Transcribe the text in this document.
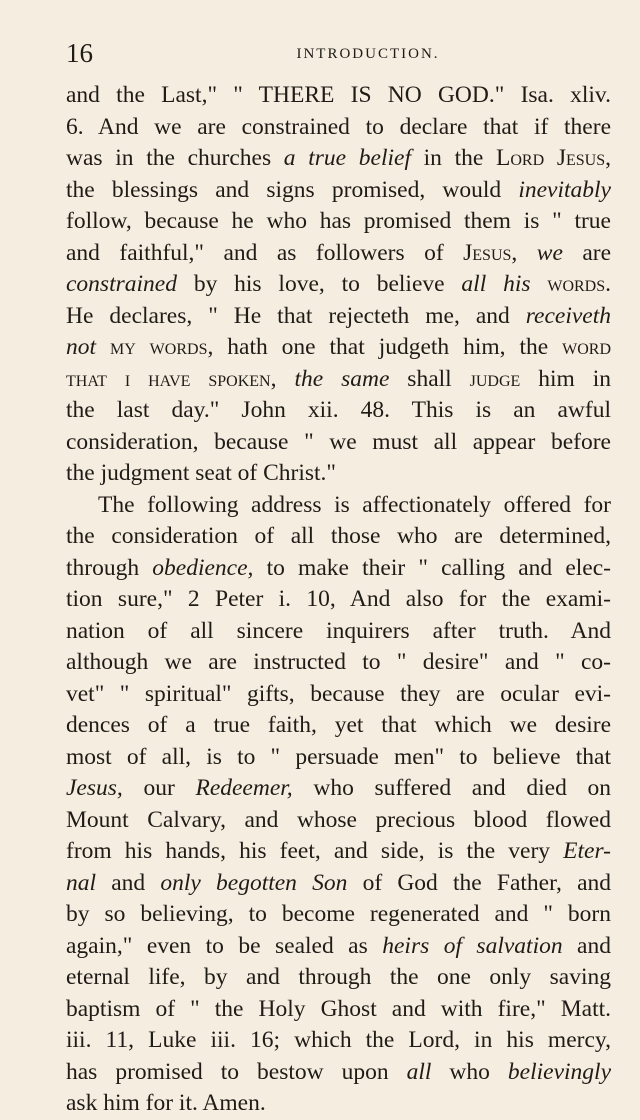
16	INTRODUCTION.
and the Last," " THERE IS NO GOD." Isa. xliv.
6. And we are constrained to declare that if there
was in the churches a true belief in the Lord Jesus,
the blessings and signs promised, would inevitably
follow, because he who has promised them is " true
and faithful," and as followers of Jesus, we are
constrained by his love, to believe all his words.
He declares, " He that rejecteth me, and receiveth
not my words, hath one that judgeth him, the word
that i have spoken, the same shall judge him in
the last day." John xii. 48. This is an awful
consideration, because " we must all appear before
the judgment seat of Christ."
The following address is affectionately offered for
the consideration of all those who are determined,
through obedience, to make their " calling and elec-
tion sure," 2 Peter i. 10, And also for the exami-
nation of all sincere inquirers after truth. And
although we are instructed to " desire" and " co-
vet" " spiritual" gifts, because they are ocular evi-
dences of a true faith, yet that which we desire
most of all, is to " persuade men" to believe that
Jesus, our Redeemer, who suffered and died on
Mount Calvary, and whose precious blood flowed
from his hands, his feet, and side, is the very Eter-
nal and only begotten Son of God the Father, and
by so believing, to become regenerated and " born
again," even to be sealed as heirs of salvation and
eternal life, by and through the one only saving
baptism of " the Holy Ghost and with fire," Matt.
iii. 11, Luke iii. 16; which the Lord, in his mercy,
has promised to bestow upon all who believingly
ask him for it. Amen.
